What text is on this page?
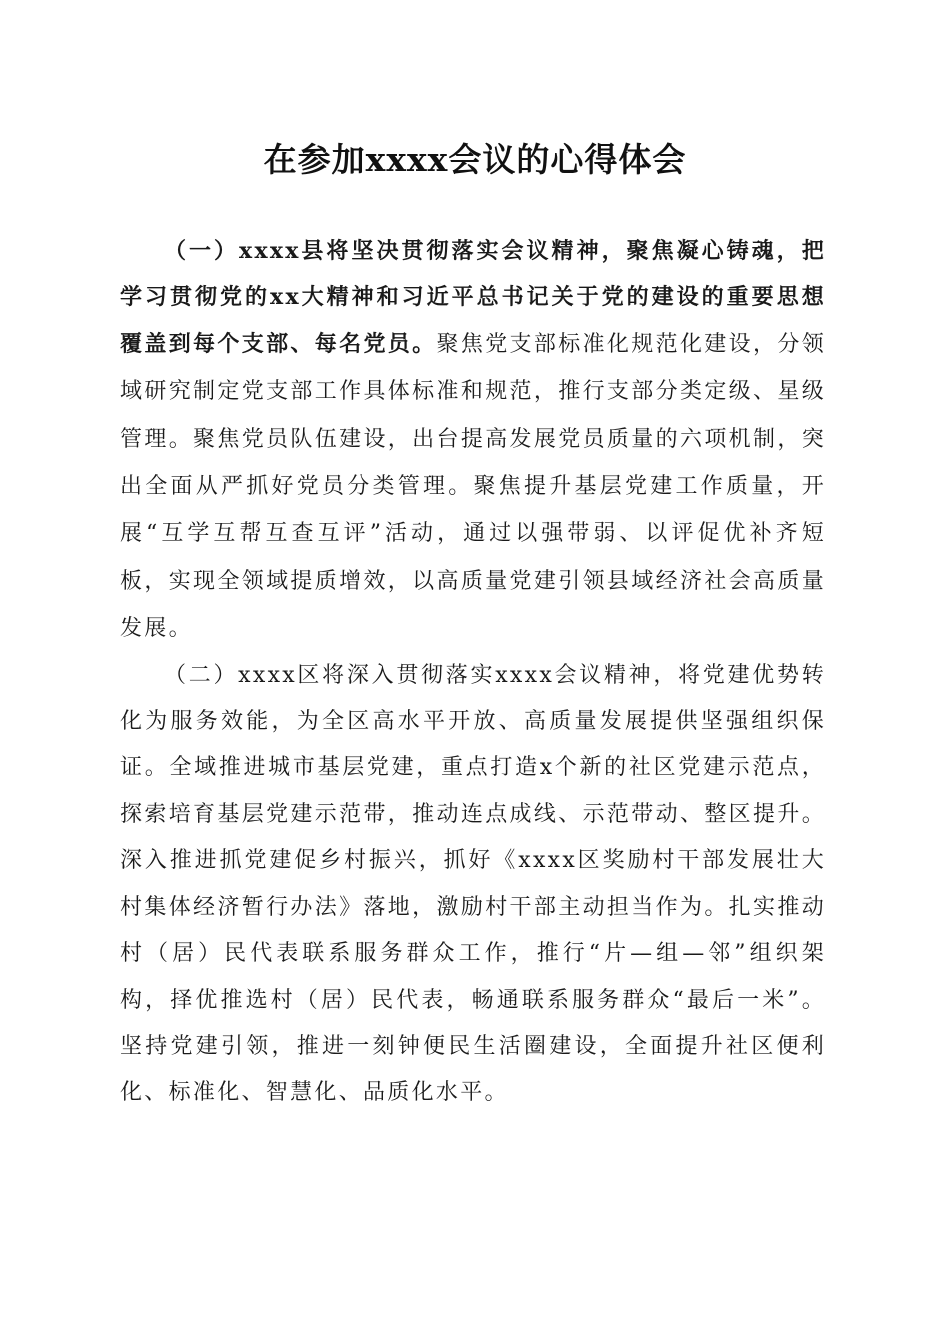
在参加xxxx会议的心得体会

（一）xxxx县将坚决贯彻落实会议精神，聚焦凝心铸魂，把学习贯彻党的xx大精神和习近平总书记关于党的建设的重要思想覆盖到每个支部、每名党员。聚焦党支部标准化规范化建设，分领域研究制定党支部工作具体标准和规范，推行支部分类定级、星级管理。聚焦党员队伍建设，出台提高发展党员质量的六项机制，突出全面从严抓好党员分类管理。聚焦提升基层党建工作质量，开展“互学互帮互查互评”活动，通过以强带弱、以评促优补齐短板，实现全领域提质增效，以高质量党建引领县域经济社会高质量发展。

（二）xxxx区将深入贯彻落实xxxx会议精神，将党建优势转化为服务效能，为全区高水平开放、高质量发展提供坚强组织保证。全域推进城市基层党建，重点打造x个新的社区党建示范点，探索培育基层党建示范带，推动连点成线、示范带动、整区提升。深入推进抓党建促乡村振兴，抓好《xxxx区奖励村干部发展壮大村集体经济暂行办法》落地，激励村干部主动担当作为。扎实推动村（居）民代表联系服务群众工作，推行“片—组—邻”组织架构，择优推选村（居）民代表，畅通联系服务群众“最后一米”。坚持党建引领，推进一刻钟便民生活圈建设，全面提升社区便利化、标准化、智慧化、品质化水平。
